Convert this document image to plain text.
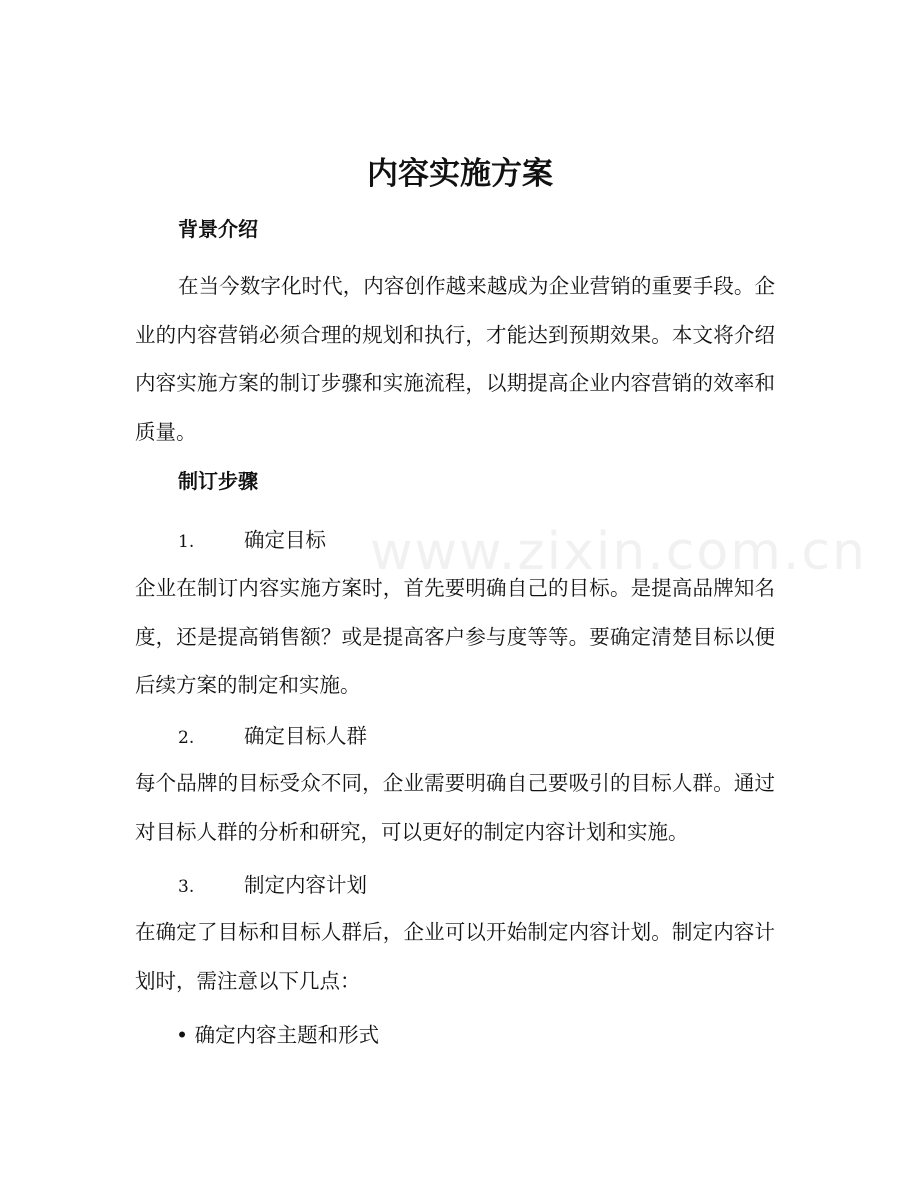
www.zixin.com.cn
内容实施方案
背景介绍

在当今数字化时代，内容创作越来越成为企业营销的重要手段。企业的内容营销必须合理的规划和执行，才能达到预期效果。本文将介绍内容实施方案的制订步骤和实施流程，以期提高企业内容营销的效率和质量。

制订步骤
1. 确定目标

企业在制订内容实施方案时，首先要明确自己的目标。是提高品牌知名度，还是提高销售额？或是提高客户参与度等等。要确定清楚目标以便后续方案的制定和实施。

2. 确定目标人群

每个品牌的目标受众不同，企业需要明确自己要吸引的目标人群。通过对目标人群的分析和研究，可以更好的制定内容计划和实施。

3. 制定内容计划

在确定了目标和目标人群后，企业可以开始制定内容计划。制定内容计划时，需注意以下几点：

• 确定内容主题和形式
